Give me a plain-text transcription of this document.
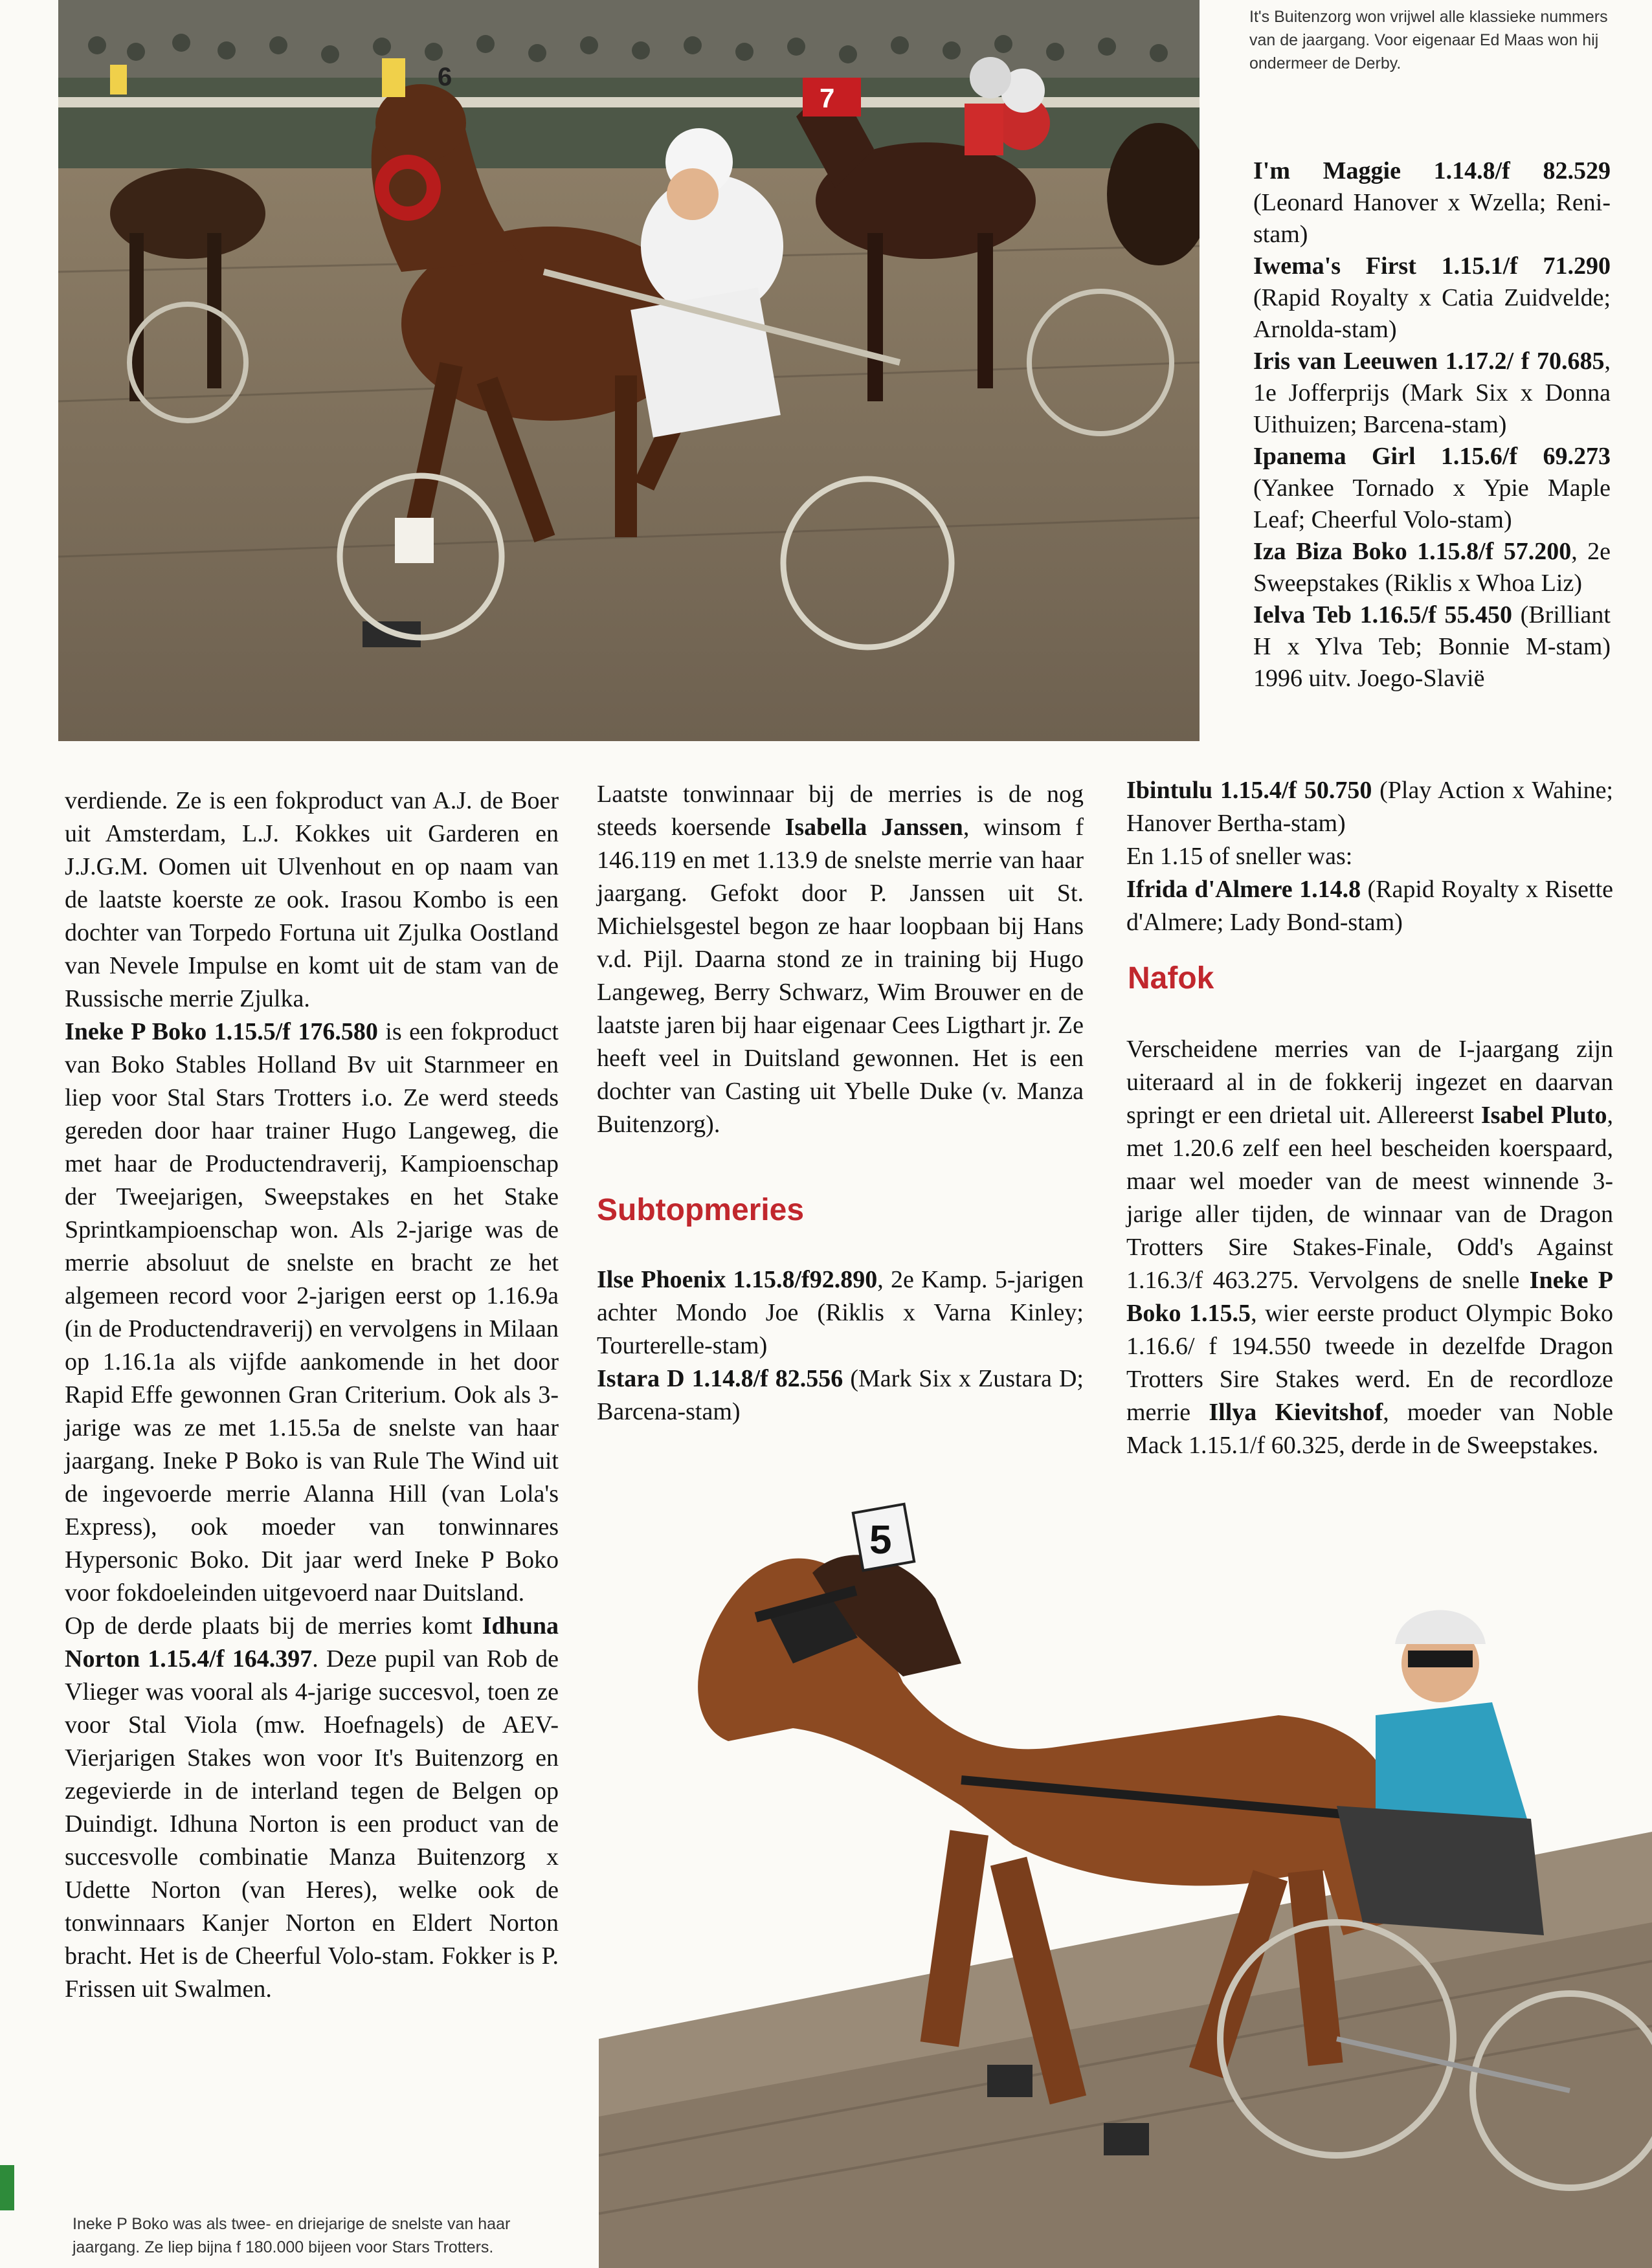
6
7
It's Buitenzorg won vrijwel alle klassieke nummers van de jaargang. Voor eigenaar Ed Maas won hij ondermeer de Derby.

verdiende. Ze is een fokproduct van A.J. de Boer uit Amsterdam, L.J. Kokkes uit Garderen en J.J.G.M. Oomen uit Ulvenhout en op naam van de laatste koerste ze ook. Irasou Kombo is een dochter van Torpedo Fortuna uit Zjulka Oostland van Nevele Impulse en komt uit de stam van de Russische merrie Zjulka.

Ineke P Boko 1.15.5/f 176.580 is een fokproduct van Boko Stables Holland Bv uit Starnmeer en liep voor Stal Stars Trotters i.o. Ze werd steeds gereden door haar trainer Hugo Langeweg, die met haar de Productendraverij, Kampioenschap der Tweejarigen, Sweepstakes en het Stake Sprintkampioenschap won. Als 2-jarige was de merrie absoluut de snelste en bracht ze het algemeen record voor 2-jarigen eerst op 1.16.9a (in de Productendraverij) en vervolgens in Milaan op 1.16.1a als vijfde aankomende in het door Rapid Effe gewonnen Gran Criterium. Ook als 3-jarige was ze met 1.15.5a de snelste van haar jaargang. Ineke P Boko is van Rule The Wind uit de ingevoerde merrie Alanna Hill (van Lola's Express), ook moeder van tonwinnares Hypersonic Boko. Dit jaar werd Ineke P Boko voor fokdoeleinden uitgevoerd naar Duitsland.

Op de derde plaats bij de merries komt Idhuna Norton 1.15.4/f 164.397. Deze pupil van Rob de Vlieger was vooral als 4-jarige succesvol, toen ze voor Stal Viola (mw. Hoefnagels) de AEV-Vierjarigen Stakes won voor It's Buitenzorg en zegevierde in de interland tegen de Belgen op Duindigt. Idhuna Norton is een product van de succesvolle combinatie Manza Buitenzorg x Udette Norton (van Heres), welke ook de tonwinnaars Kanjer Norton en Eldert Norton bracht. Het is de Cheerful Volo-stam. Fokker is P. Frissen uit Swalmen.

Laatste tonwinnaar bij de merries is de nog steeds koersende Isabella Janssen, winsom f 146.119 en met 1.13.9 de snelste merrie van haar jaargang. Gefokt door P. Janssen uit St. Michielsgestel begon ze haar loopbaan bij Hans v.d. Pijl. Daarna stond ze in training bij Hugo Langeweg, Berry Schwarz, Wim Brouwer en de laatste jaren bij haar eigenaar Cees Ligthart jr. Ze heeft veel in Duitsland gewonnen. Het is een dochter van Casting uit Ybelle Duke (v. Manza Buitenzorg).

Subtopmeries

Ilse Phoenix 1.15.8/f92.890, 2e Kamp. 5-jarigen achter Mondo Joe (Riklis x Varna Kinley; Tourterelle-stam)

Istara D 1.14.8/f 82.556 (Mark Six x Zustara D; Barcena-stam)

I'm Maggie 1.14.8/f 82.529 (Leonard Hanover x Wzella; Reni-stam)

Iwema's First 1.15.1/f 71.290 (Rapid Royalty x Catia Zuidvelde; Arnolda-stam)

Iris van Leeuwen 1.17.2/ f 70.685, 1e Jofferprijs (Mark Six x Donna Uithuizen; Barcena-stam)

Ipanema Girl 1.15.6/f 69.273 (Yankee Tornado x Ypie Maple Leaf; Cheerful Volo-stam)

Iza Biza Boko 1.15.8/f 57.200, 2e Sweepstakes (Riklis x Whoa Liz)

Ielva Teb 1.16.5/f 55.450 (Brilliant H x Ylva Teb; Bonnie M-stam) 1996 uitv. Joego-Slavië

Ibintulu 1.15.4/f 50.750 (Play Action x Wahine; Hanover Bertha-stam)

En 1.15 of sneller was:

Ifrida d'Almere 1.14.8 (Rapid Royalty x Risette d'Almere; Lady Bond-stam)

Nafok

Verscheidene merries van de I-jaargang zijn uiteraard al in de fokkerij ingezet en daarvan springt er een drietal uit. Allereerst Isabel Pluto, met 1.20.6 zelf een heel bescheiden koerspaard, maar wel moeder van de meest winnende 3-jarige aller tijden, de winnaar van de Dragon Trotters Sire Stakes-Finale, Odd's Against 1.16.3/f 463.275. Vervolgens de snelle Ineke P Boko 1.15.5, wier eerste product Olympic Boko 1.16.6/ f 194.550 tweede in dezelfde Dragon Trotters Sire Stakes werd. En de recordloze merrie Illya Kievitshof, moeder van Noble Mack 1.15.1/f 60.325, derde in de Sweepstakes.

5
Ineke P Boko was als twee- en driejarige de snelste van haar jaargang. Ze liep bijna f 180.000 bijeen voor Stars Trotters.
